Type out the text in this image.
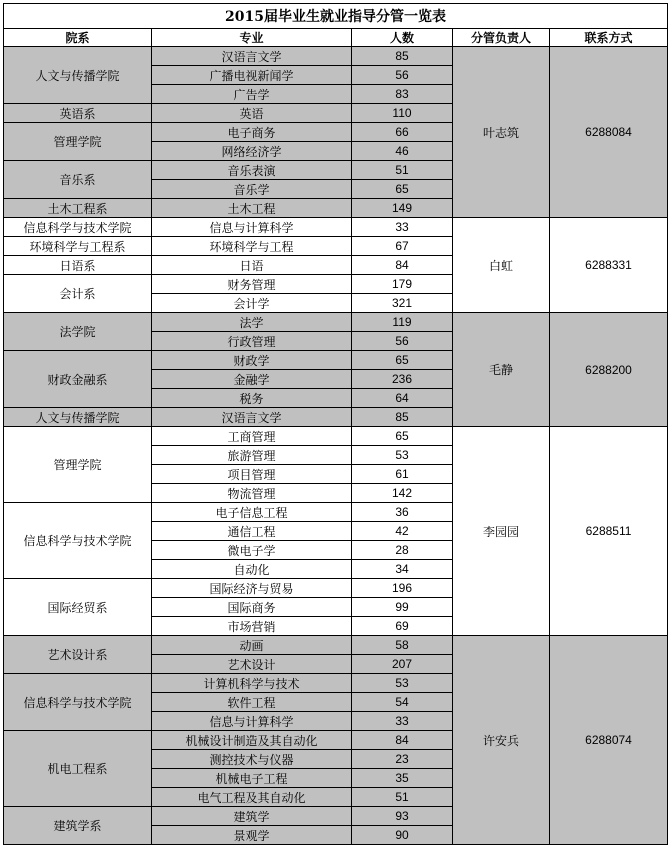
2015届毕业生就业指导分管一览表				
院系	专业	人数	分管负责人	联系方式
人文与传播学院	汉语言文学	85	叶志筑	6288084
	广播电视新闻学	56		
	广告学	83		
英语系	英语	110		
管理学院	电子商务	66		
	网络经济学	46		
音乐系	音乐表演	51		
	音乐学	65		
土木工程系	土木工程	149		
信息科学与技术学院	信息与计算科学	33	白虹	6288331
环境科学与工程系	环境科学与工程	67		
日语系	日语	84		
会计系	财务管理	179		
	会计学	321		
法学院	法学	119	毛静	6288200
	行政管理	56		
财政金融系	财政学	65		
	金融学	236		
	税务	64		
人文与传播学院	汉语言文学	85		
管理学院	工商管理	65	李园园	6288511
	旅游管理	53		
	项目管理	61		
	物流管理	142		
信息科学与技术学院	电子信息工程	36		
	通信工程	42		
	微电子学	28		
	自动化	34		
国际经贸系	国际经济与贸易	196		
	国际商务	99		
	市场营销	69		
艺术设计系	动画	58	许安兵	6288074
	艺术设计	207		
信息科学与技术学院	计算机科学与技术	53		
	软件工程	54		
	信息与计算科学	33		
机电工程系	机械设计制造及其自动化	84		
	测控技术与仪器	23		
	机械电子工程	35		
	电气工程及其自动化	51		
建筑学系	建筑学	93		
	景观学	90		
